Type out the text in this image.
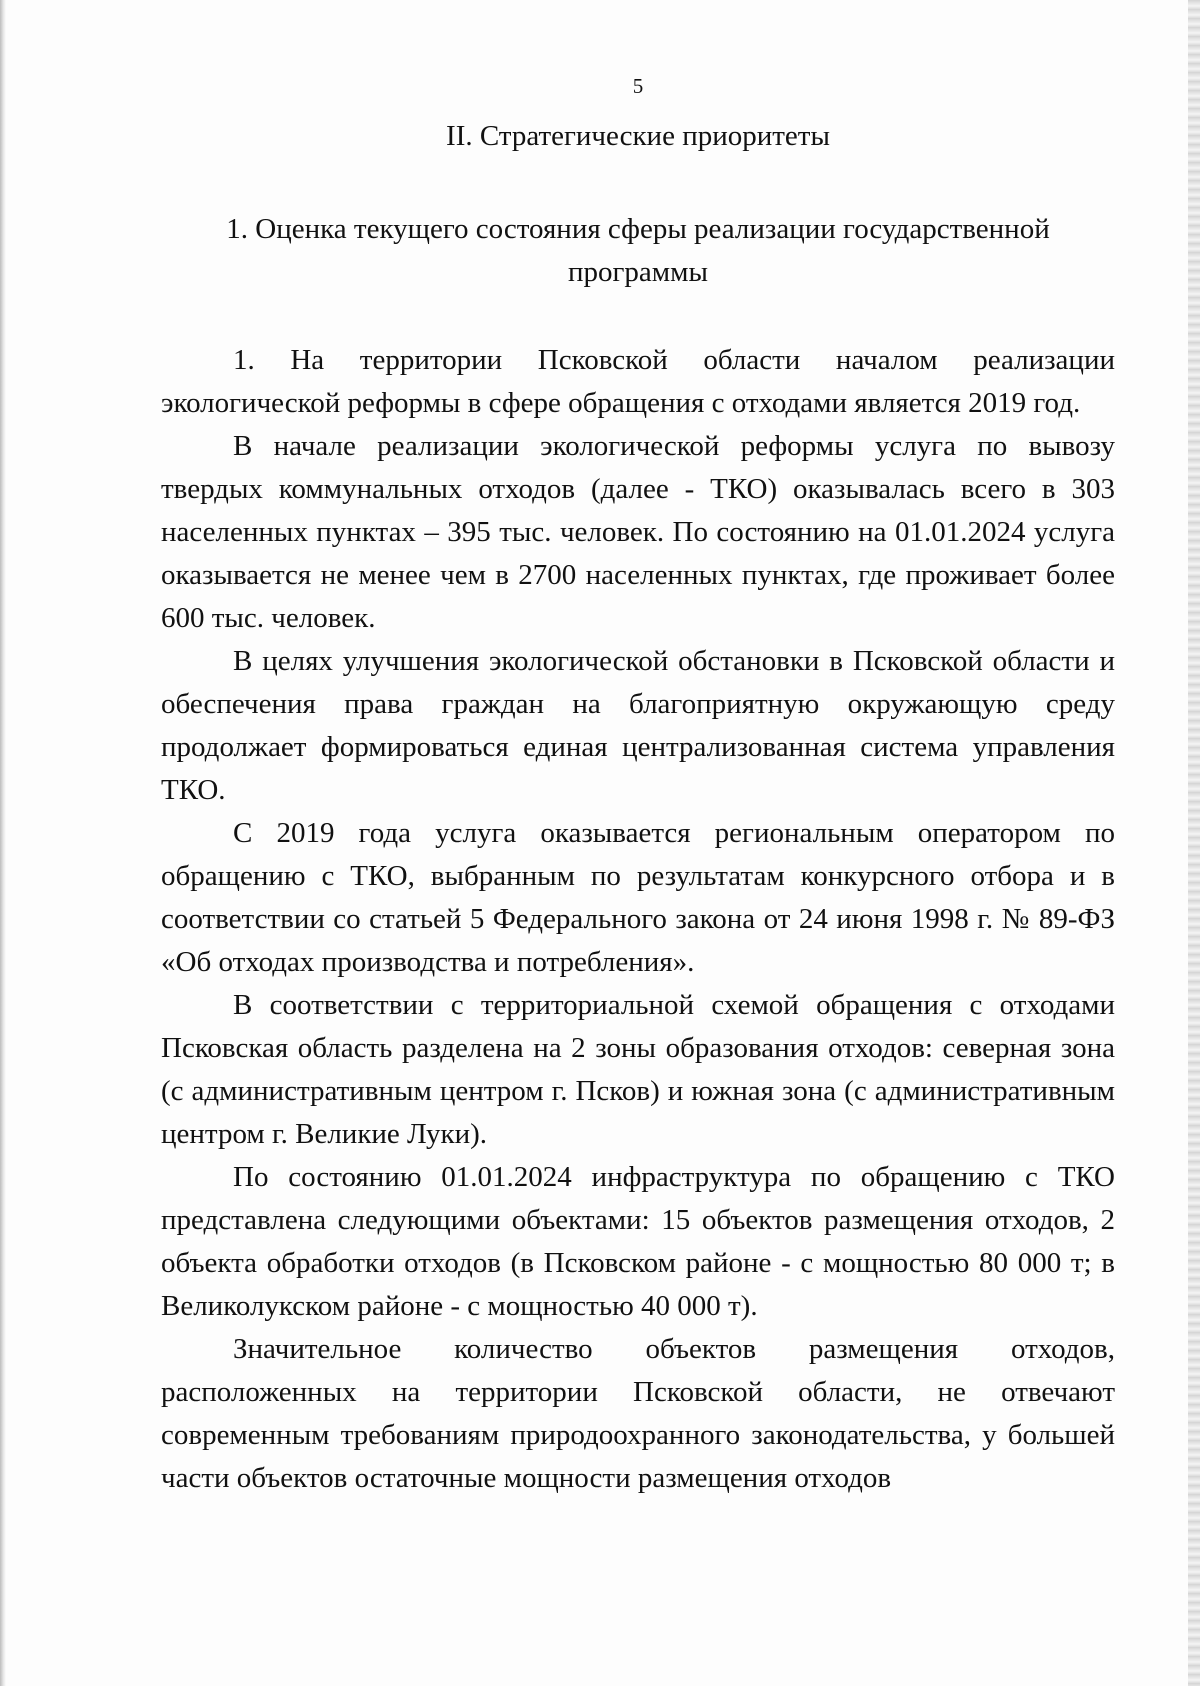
5
II. Стратегические приоритеты
1. Оценка текущего состояния сферы реализации государственной программы

1. На территории Псковской области началом реализации экологической реформы в сфере обращения с отходами является 2019 год.

В начале реализации экологической реформы услуга по вывозу твердых коммунальных отходов (далее - ТКО) оказывалась всего в 303 населенных пунктах – 395 тыс. человек. По состоянию на 01.01.2024 услуга оказывается не менее чем в 2700 населенных пунктах, где проживает более 600 тыс. человек.

В целях улучшения экологической обстановки в Псковской области и обеспечения права граждан на благоприятную окружающую среду продолжает формироваться единая централизованная система управления ТКО.

С 2019 года услуга оказывается региональным оператором по обращению с ТКО, выбранным по результатам конкурсного отбора и в соответствии со статьей 5 Федерального закона от 24 июня 1998 г. № 89-ФЗ «Об отходах производства и потребления».

В соответствии с территориальной схемой обращения с отходами Псковская область разделена на 2 зоны образования отходов: северная зона (с административным центром г. Псков) и южная зона (с административным центром г. Великие Луки).

По состоянию 01.01.2024 инфраструктура по обращению с ТКО представлена следующими объектами: 15 объектов размещения отходов, 2 объекта обработки отходов (в Псковском районе - с мощностью 80 000 т; в Великолукском районе - с мощностью 40 000 т).

Значительное количество объектов размещения отходов, расположенных на территории Псковской области, не отвечают современным требованиям природоохранного законодательства, у большей части объектов остаточные мощности размещения отходов
